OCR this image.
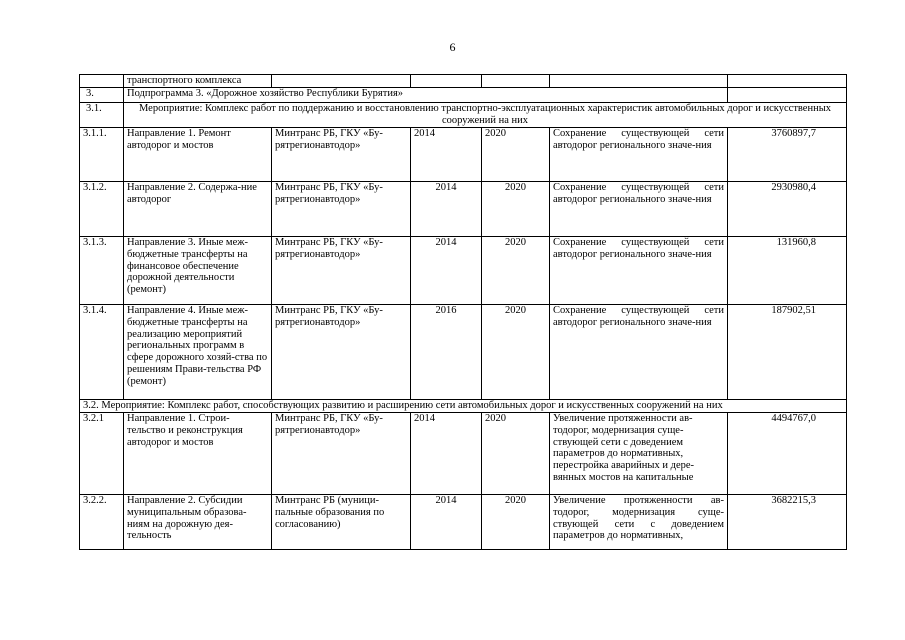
6
	транспортного комплекса					
3.	Подпрограмма 3. «Дорожное хозяйство Республики Бурятия»					
3.1.	Мероприятие: Комплекс работ по поддержанию и восстановлению транспортно-эксплуатационных характеристик автомобильных дорог и искусственных сооружений на них					
3.1.1.	Направление 1. Ремонт автодорог и мостов	Минтранс РБ, ГКУ «Бу-рятрегионавтодор»	2014	2020	Сохранение существующей сети автодорог регионального значе-ния	3760897,7
3.1.2.	Направление 2. Содержа-ние автодорог	Минтранс РБ, ГКУ «Бу-рятрегионавтодор»	2014	2020	Сохранение существующей сети автодорог регионального значе-ния	2930980,4
3.1.3.	Направление 3. Иные меж-бюджетные трансферты на финансовое обеспечение дорожной деятельности (ремонт)	Минтранс РБ, ГКУ «Бу-рятрегионавтодор»	2014	2020	Сохранение существующей сети автодорог регионального значе-ния	131960,8
3.1.4.	Направление 4. Иные меж-бюджетные трансферты на реализацию мероприятий региональных программ в сфере дорожного хозяй-ства по решениям Прави-тельства РФ (ремонт)	Минтранс РБ, ГКУ «Бу-рятрегионавтодор»	2016	2020	Сохранение существующей сети автодорог регионального значе-ния	187902,51
3.2. Мероприятие: Комплекс работ, способствующих развитию и расширению сети автомобильных дорог и искусственных сооружений на них						
3.2.1	Направление 1. Строи-тельство и реконструкция автодорог и мостов	Минтранс РБ, ГКУ «Бу-рятрегионавтодор»	2014	2020	Увеличение протяженности ав-тодорог, модернизация суще-ствующей сети с доведением параметров до нормативных, перестройка аварийных и дере-вянных мостов на капитальные	4494767,0
3.2.2.	Направление 2. Субсидии муниципальным образова-ниям на дорожную дея-тельность	Минтранс РБ (муници-пальные образования по согласованию)	2014	2020	Увеличение протяженности ав-тодорог, модернизация суще-ствующей сети с доведением параметров до нормативных,	3682215,3
